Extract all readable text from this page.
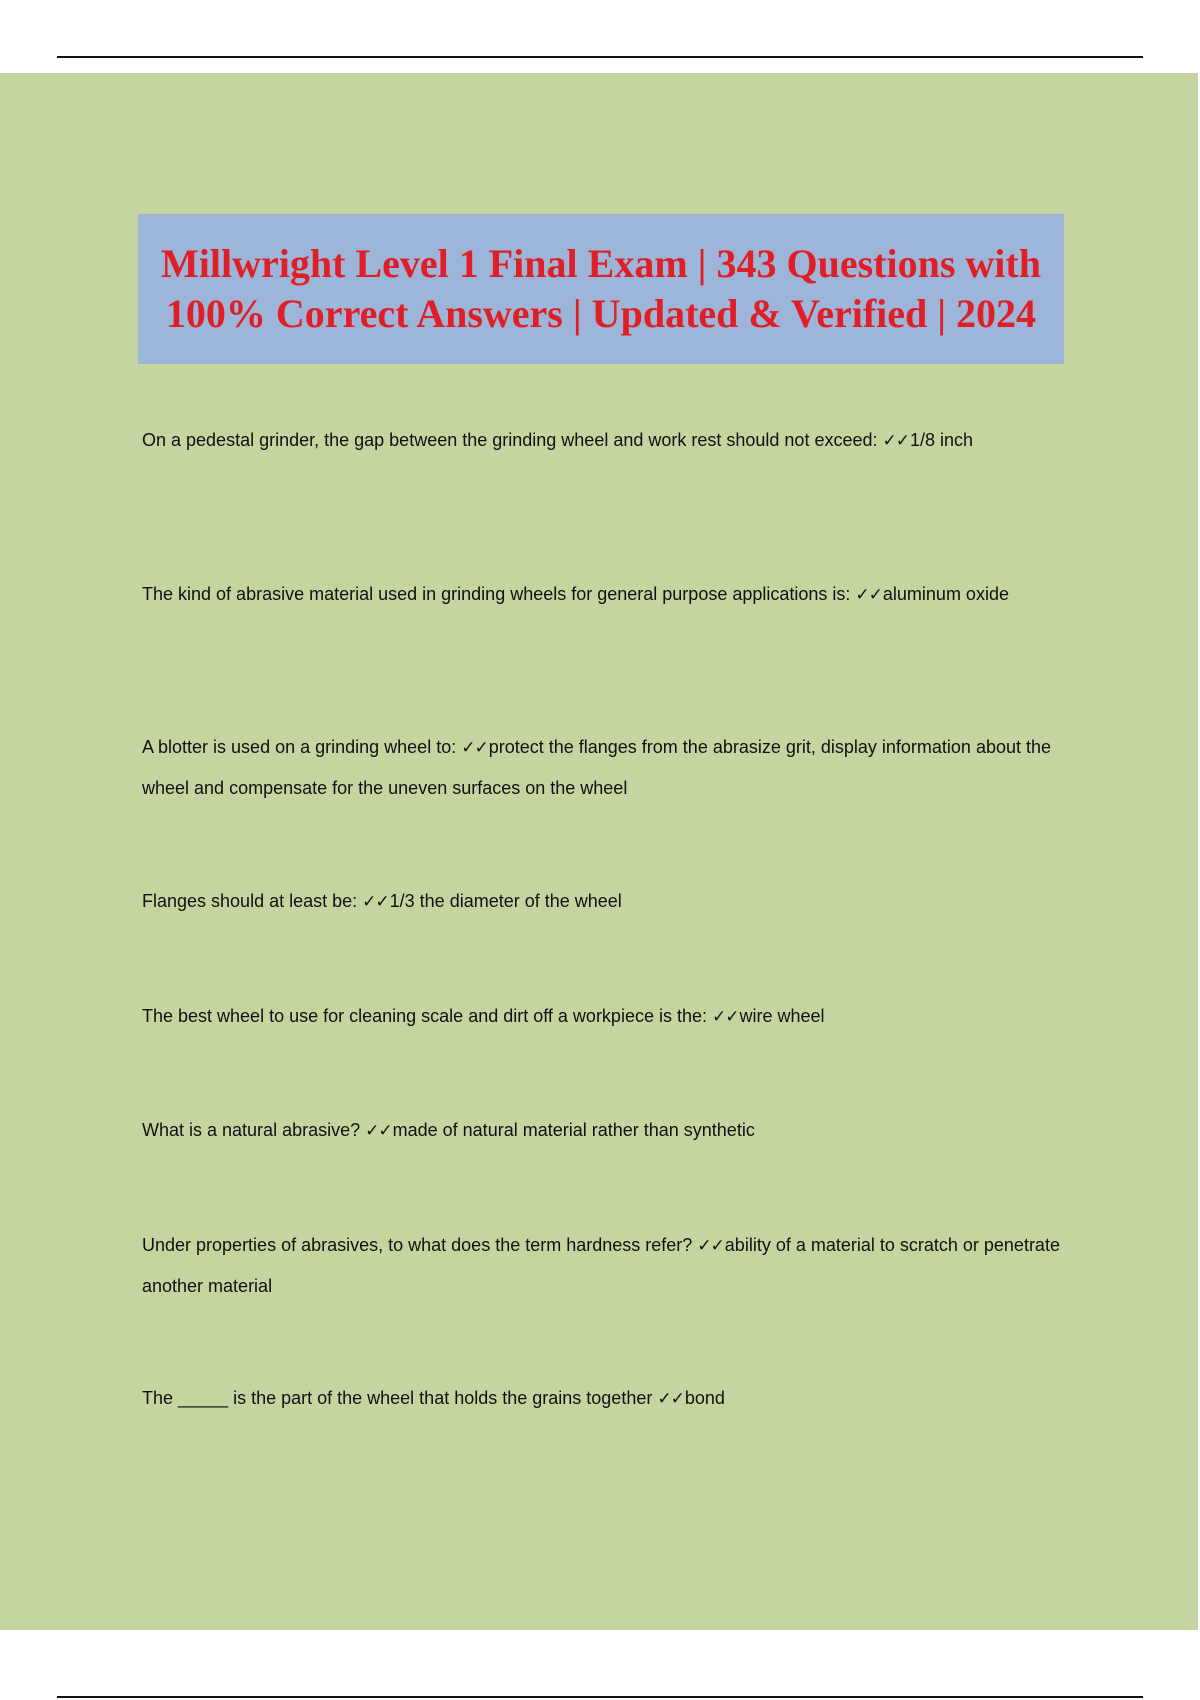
Millwright Level 1 Final Exam | 343 Questions with 100% Correct Answers | Updated & Verified | 2024
On a pedestal grinder, the gap between the grinding wheel and work rest should not exceed: ✓✓1/8 inch
The kind of abrasive material used in grinding wheels for general purpose applications is: ✓✓aluminum oxide
A blotter is used on a grinding wheel to: ✓✓protect the flanges from the abrasize grit, display information about the wheel and compensate for the uneven surfaces on the wheel
Flanges should at least be: ✓✓1/3 the diameter of the wheel
The best wheel to use for cleaning scale and dirt off a workpiece is the: ✓✓wire wheel
What is a natural abrasive? ✓✓made of natural material rather than synthetic
Under properties of abrasives, to what does the term hardness refer? ✓✓ability of a material to scratch or penetrate another material
The _____ is the part of the wheel that holds the grains together ✓✓bond
